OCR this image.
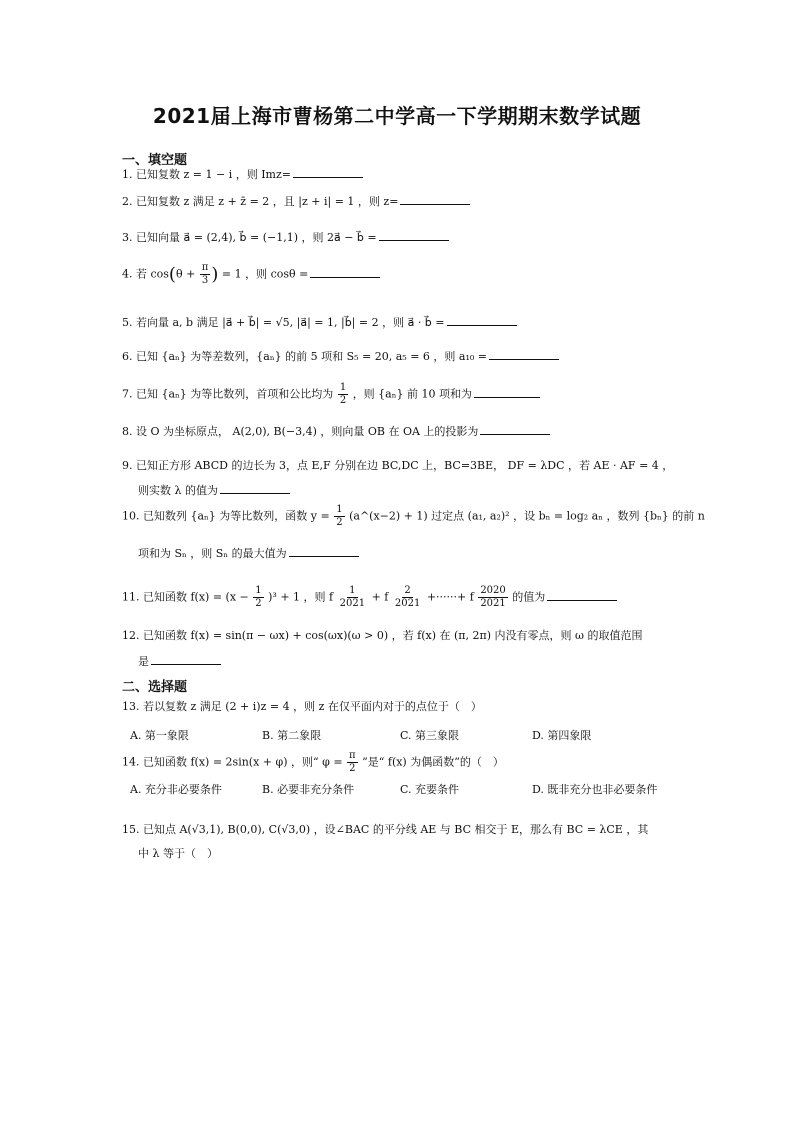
2021届上海市曹杨第二中学高一下学期期末数学试题
一、填空题
1. 已知复数 z = 1 − i ，则 Imz=
2. 已知复数 z 满足 z + z̄ = 2 ，且 |z + i| = 1 ，则 z=
3. 已知向量 a⃗ = (2,4), b⃗ = (−1,1) ，则 2a⃗ − b⃗ =
4. 若 $\cos(\theta + \frac{\pi}{3}$ ) = 1 ，则 cosθ =
5. 若向量 a, b 满足 |a⃗ + b⃗| = √5, |a⃗| = 1, |b⃗| = 2 ，则 a⃗ · b⃗ =
6. 已知 {aₙ} 为等差数列，{aₙ} 的前 5 项和 S₅ = 20, a₅ = 6 ，则 a₁₀ =
7. 已知 {aₙ} 为等比数列，首项和公比均为 $\frac{1}{2}$ ，则 {aₙ} 前 10 项和为
8. 设 O 为坐标原点， A(2,0), B(−3,4) ，则向量 OB 在 OA 上的投影为
9. 已知正方形 ABCD 的边长为 3，点 E,F 分别在边 BC,DC 上，BC=3BE， DF = λDC ，若 AE · AF = 4 ，
则实数 λ 的值为
10. 已知数列 {aₙ} 为等比数列，函数 $y = \frac{1}{2}$ (a^(x−2) + 1) 过定点 (a₁, a₂)² ，设 bₙ = log₂ aₙ ，数列 {bₙ} 的前 n
项和为 Sₙ ，则 Sₙ 的最大值为
11. 已知函数 $f(x) = (x - \frac{1}{2} )^3 + 1$ ，则 f $\frac{1}{2021} + f \frac{2}{2021}$ +······+ f $\frac{2020}{2021}$ 的值为
12. 已知函数 f(x) = sin(π − ωx) + cos(ωx)(ω > 0) ，若 f(x) 在 (π, 2π) 内没有零点，则 ω 的取值范围
是
二、选择题
13. 若以复数 z 满足 (2 + i)z = 4 ，则 z 在仅平面内对于的点位于（　）
A. 第一象限	B. 第二象限	C. 第三象限	D. 第四象限
14. 已知函数 f(x) = 2sin(x + φ) ，则“ $\varphi = \frac{\pi}{2}$ ”是“ f(x) 为偶函数”的（　）
A. 充分非必要条件	B. 必要非充分条件	C. 充要条件	D. 既非充分也非必要条件
15. 已知点 A(√3,1), B(0,0), C(√3,0) ，设∠BAC 的平分线 AE 与 BC 相交于 E，那么有 BC = λCE ，其
中 λ 等于（　）
